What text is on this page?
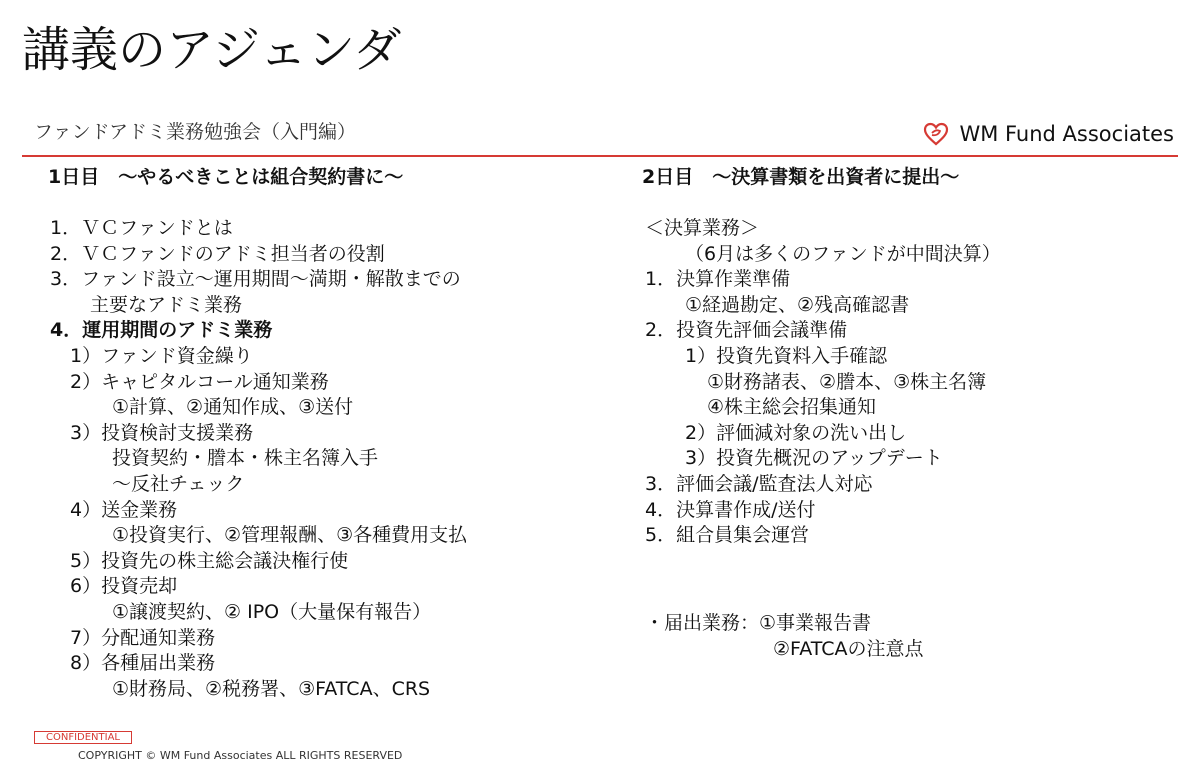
講義のアジェンダ
ファンドアドミ業務勉強会（入門編）	WM Fund Associates
1日目　～やるべきことは組合契約書に～
1．ＶＣファンドとは
2．ＶＣファンドのアドミ担当者の役割
3．ファンド設立～運用期間～満期・解散までの
主要なアドミ業務
4．運用期間のアドミ業務
1）ファンド資金繰り
2）キャピタルコール通知業務
①計算、②通知作成、③送付
3）投資検討支援業務
投資契約・謄本・株主名簿入手
～反社チェック
4）送金業務
①投資実行、②管理報酬、③各種費用支払
5）投資先の株主総会議決権行使
6）投資売却
①譲渡契約、② IPO（大量保有報告）
7）分配通知業務
8）各種届出業務
①財務局、②税務署、③FATCA、CRS
2日目　～決算書類を出資者に提出～
＜決算業務＞
（6月は多くのファンドが中間決算）
1．決算作業準備
①経過勘定、②残高確認書
2．投資先評価会議準備
1）投資先資料入手確認
①財務諸表、②謄本、③株主名簿
④株主総会招集通知
2）評価減対象の洗い出し
3）投資先概況のアップデート
3．評価会議/監査法人対応
4．決算書作成/送付
5．組合員集会運営
・届出業務：①事業報告書
②FATCAの注意点
CONFIDENTIAL
COPYRIGHT © WM Fund Associates ALL RIGHTS RESERVED
